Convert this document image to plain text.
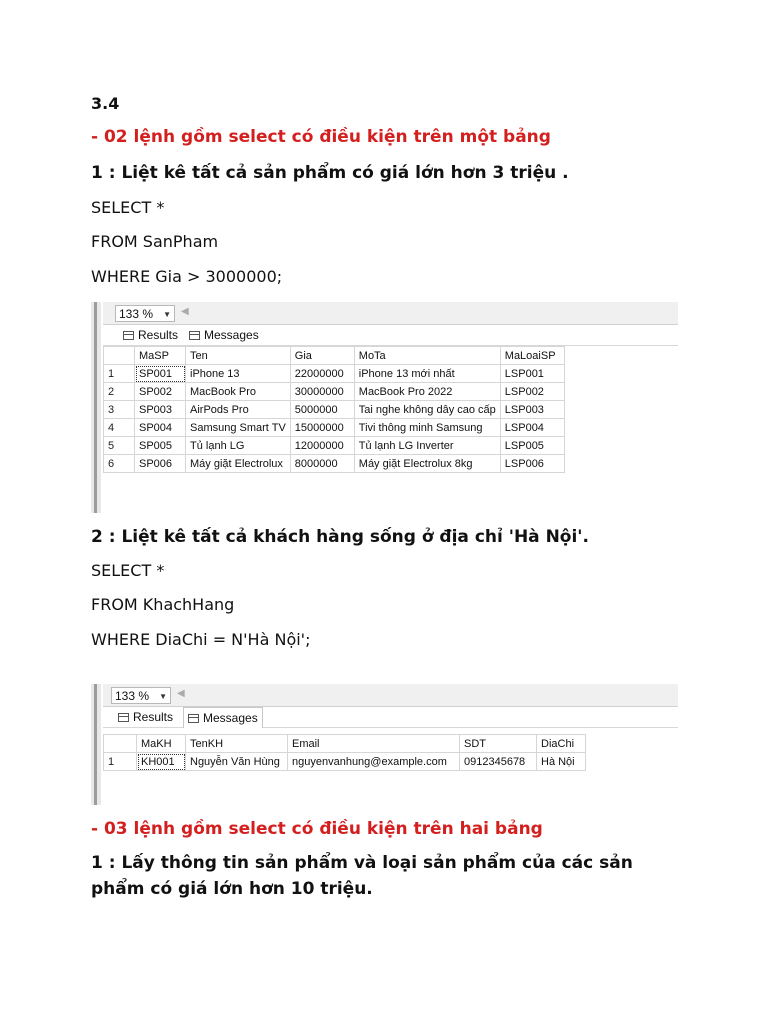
3.4
- 02 lệnh gồm select có điều kiện trên một bảng
1 : Liệt kê tất cả sản phẩm có giá lớn hơn 3 triệu .
SELECT *
FROM SanPham
WHERE Gia > 3000000;
133 % ▼ ◀
Results	Messages
	MaSP	Ten	Gia	MoTa	MaLoaiSP
1	SP001	iPhone 13	22000000	iPhone 13 mới nhất	LSP001
2	SP002	MacBook Pro	30000000	MacBook Pro 2022	LSP002
3	SP003	AirPods Pro	5000000	Tai nghe không dây cao cấp	LSP003
4	SP004	Samsung Smart TV	15000000	Tivi thông minh Samsung	LSP004
5	SP005	Tủ lạnh LG	12000000	Tủ lạnh LG Inverter	LSP005
6	SP006	Máy giặt Electrolux	8000000	Máy giặt Electrolux 8kg	LSP006
2 : Liệt kê tất cả khách hàng sống ở địa chỉ 'Hà Nội'.
SELECT *
FROM KhachHang
WHERE DiaChi = N'Hà Nội';
133 % ▼ ◀
Results	Messages
	MaKH	TenKH	Email	SDT	DiaChi
1	KH001	Nguyễn Văn Hùng	nguyenvanhung@example.com	0912345678	Hà Nội
- 03 lệnh gồm select có điều kiện trên hai bảng
1 : Lấy thông tin sản phẩm và loại sản phẩm của các sản
phẩm có giá lớn hơn 10 triệu.
